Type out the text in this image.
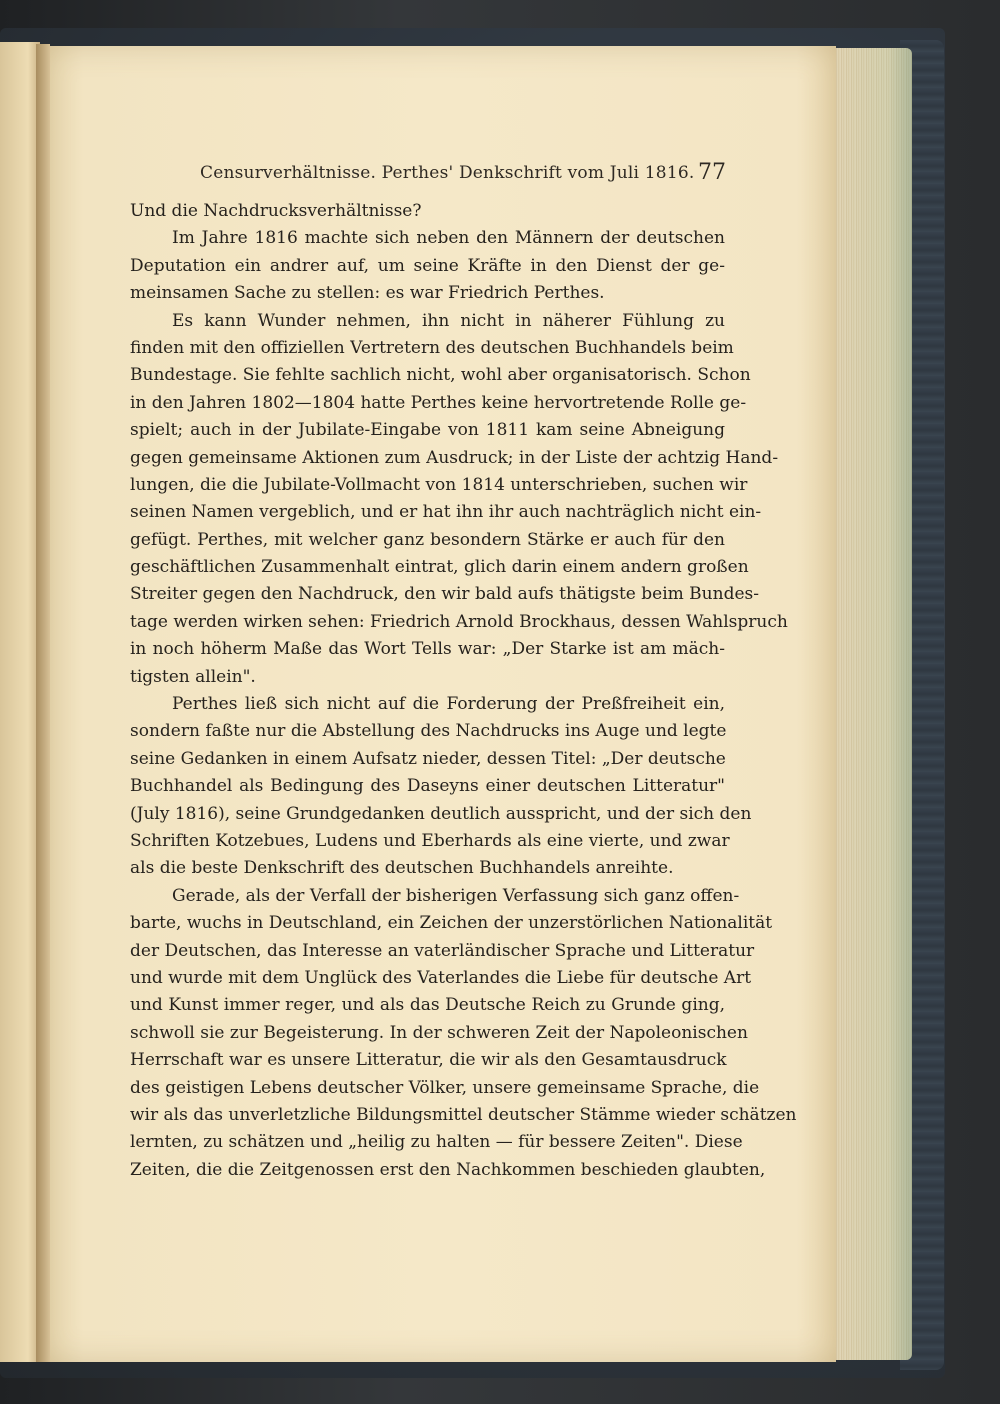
Censurverhältnisse. Perthes' Denkschrift vom Juli 1816. 77
Und die Nachdrucksverhältnisse?
Im Jahre 1816 machte sich neben den Männern der deutschen
Deputation ein andrer auf, um seine Kräfte in den Dienst der ge-
meinsamen Sache zu stellen: es war Friedrich Perthes.
Es kann Wunder nehmen, ihn nicht in näherer Fühlung zu
finden mit den offiziellen Vertretern des deutschen Buchhandels beim
Bundestage. Sie fehlte sachlich nicht, wohl aber organisatorisch. Schon
in den Jahren 1802—1804 hatte Perthes keine hervortretende Rolle ge-
spielt; auch in der Jubilate-Eingabe von 1811 kam seine Abneigung
gegen gemeinsame Aktionen zum Ausdruck; in der Liste der achtzig Hand-
lungen, die die Jubilate-Vollmacht von 1814 unterschrieben, suchen wir
seinen Namen vergeblich, und er hat ihn ihr auch nachträglich nicht ein-
gefügt. Perthes, mit welcher ganz besondern Stärke er auch für den
geschäftlichen Zusammenhalt eintrat, glich darin einem andern großen
Streiter gegen den Nachdruck, den wir bald aufs thätigste beim Bundes-
tage werden wirken sehen: Friedrich Arnold Brockhaus, dessen Wahlspruch
in noch höherm Maße das Wort Tells war: „Der Starke ist am mäch-
tigsten allein".
Perthes ließ sich nicht auf die Forderung der Preßfreiheit ein,
sondern faßte nur die Abstellung des Nachdrucks ins Auge und legte
seine Gedanken in einem Aufsatz nieder, dessen Titel: „Der deutsche
Buchhandel als Bedingung des Daseyns einer deutschen Litteratur"
(July 1816), seine Grundgedanken deutlich ausspricht, und der sich den
Schriften Kotzebues, Ludens und Eberhards als eine vierte, und zwar
als die beste Denkschrift des deutschen Buchhandels anreihte.
Gerade, als der Verfall der bisherigen Verfassung sich ganz offen-
barte, wuchs in Deutschland, ein Zeichen der unzerstörlichen Nationalität
der Deutschen, das Interesse an vaterländischer Sprache und Litteratur
und wurde mit dem Unglück des Vaterlandes die Liebe für deutsche Art
und Kunst immer reger, und als das Deutsche Reich zu Grunde ging,
schwoll sie zur Begeisterung. In der schweren Zeit der Napoleonischen
Herrschaft war es unsere Litteratur, die wir als den Gesamtausdruck
des geistigen Lebens deutscher Völker, unsere gemeinsame Sprache, die
wir als das unverletzliche Bildungsmittel deutscher Stämme wieder schätzen
lernten, zu schätzen und „heilig zu halten — für bessere Zeiten". Diese
Zeiten, die die Zeitgenossen erst den Nachkommen beschieden glaubten,
